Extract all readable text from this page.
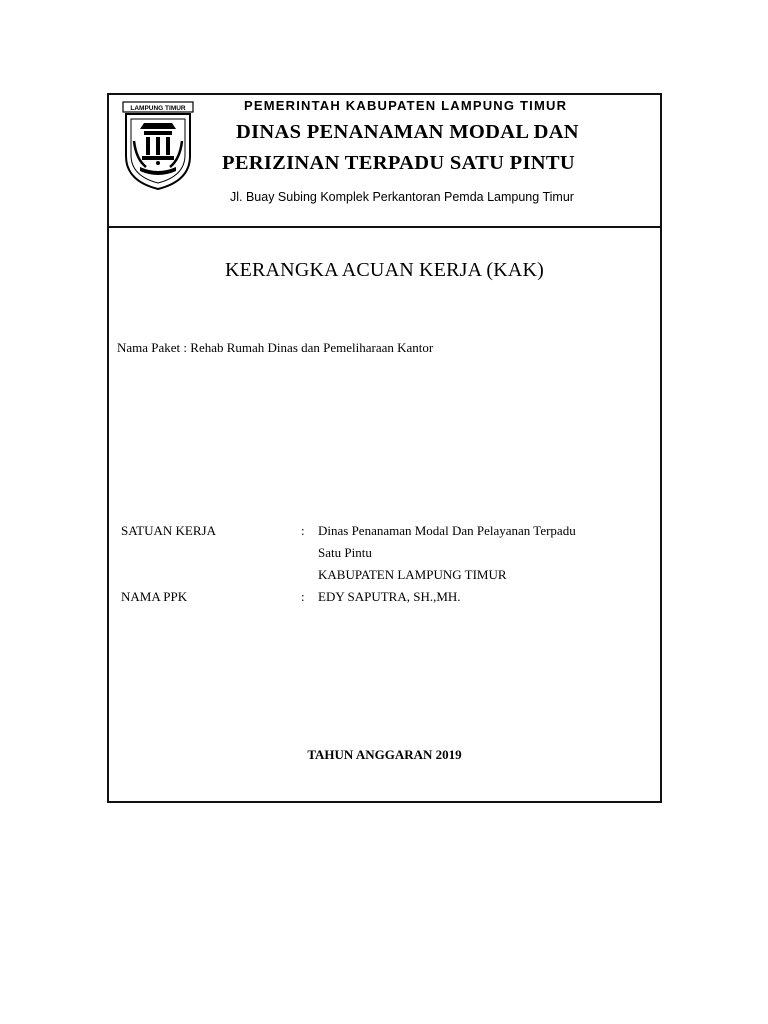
LAMPUNG TIMUR	PEMERINTAH KABUPATEN LAMPUNG TIMUR
DINAS PENANAMAN MODAL DAN
PERIZINAN TERPADU SATU PINTU
Jl. Buay Subing Komplek Perkantoran Pemda Lampung Timur
KERANGKA ACUAN KERJA (KAK)
Nama Paket : Rehab Rumah Dinas dan Pemeliharaan Kantor
SATUAN KERJA	: Dinas Penanaman Modal Dan Pelayanan Terpadu
Satu Pintu
KABUPATEN LAMPUNG TIMUR
NAMA PPK	: EDY SAPUTRA, SH.,MH.
TAHUN ANGGARAN 2019
